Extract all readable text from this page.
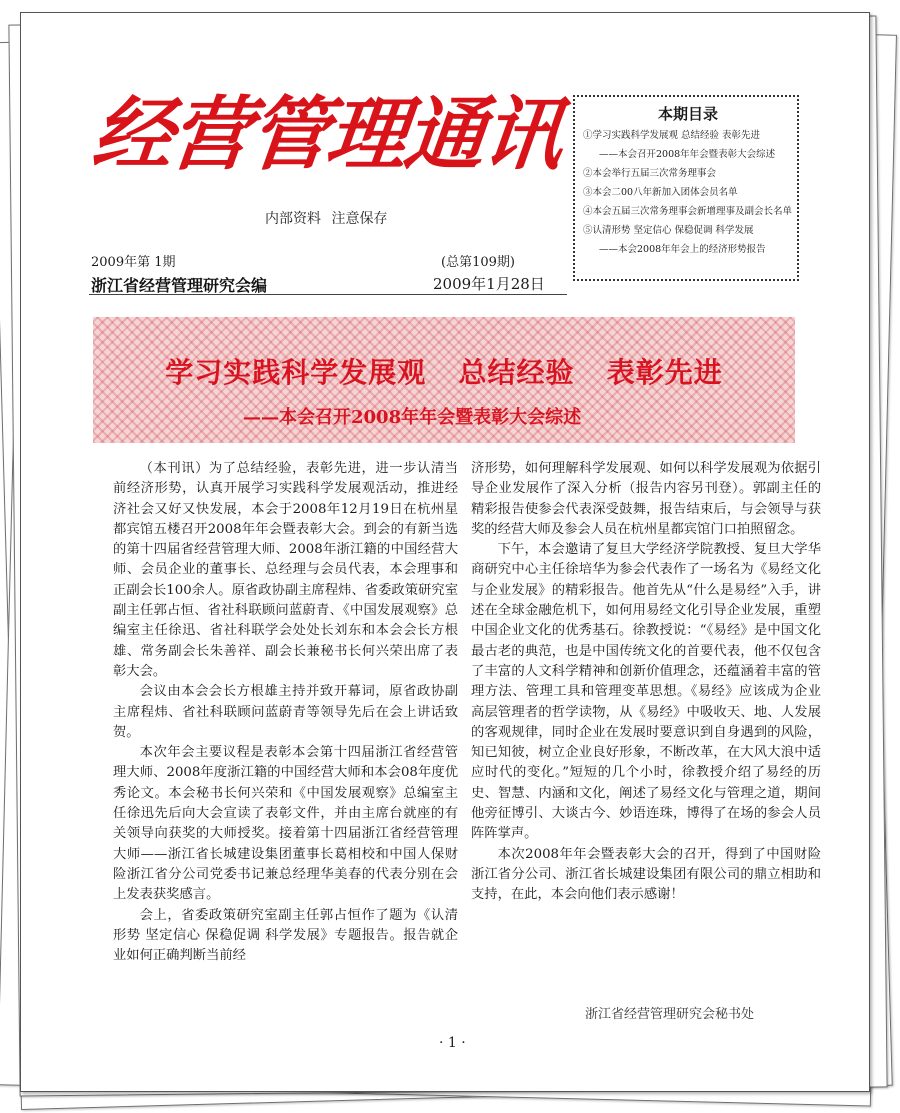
经营管理通讯
内部资料 注意保存
2009年第 1期	(总第109期)
浙江省经营管理研究会编	2009年1月28日
本期目录
①学习实践科学发展观 总结经验 表彰先进
——本会召开2008年年会暨表彰大会综述
②本会举行五届三次常务理事会
③本会二00八年新加入团体会员名单
④本会五届三次常务理事会新增理事及副会长名单
⑤认清形势 坚定信心 保稳促调 科学发展
——本会2008年年会上的经济形势报告
学习实践科学发展观   总结经验   表彰先进
——本会召开2008年年会暨表彰大会综述

（本刊讯）为了总结经验，表彰先进，进一步认清当前经济形势，认真开展学习实践科学发展观活动，推进经济社会又好又快发展，本会于2008年12月19日在杭州星都宾馆五楼召开2008年年会暨表彰大会。到会的有新当选的第十四届省经营管理大师、2008年浙江籍的中国经营大师、会员企业的董事长、总经理与会员代表，本会理事和正副会长100余人。原省政协副主席程炜、省委政策研究室副主任郭占恒、省社科联顾问蓝蔚青、《中国发展观察》总编室主任徐迅、省社科联学会处处长刘东和本会会长方根雄、常务副会长朱善祥、副会长兼秘书长何兴荣出席了表彰大会。

会议由本会会长方根雄主持并致开幕词，原省政协副主席程炜、省社科联顾问蓝蔚青等领导先后在会上讲话致贺。

本次年会主要议程是表彰本会第十四届浙江省经营管理大师、2008年度浙江籍的中国经营大师和本会08年度优秀论文。本会秘书长何兴荣和《中国发展观察》总编室主任徐迅先后向大会宣读了表彰文件，并由主席台就座的有关领导向获奖的大师授奖。接着第十四届浙江省经营管理大师——浙江省长城建设集团董事长葛相校和中国人保财险浙江省分公司党委书记兼总经理华美春的代表分别在会上发表获奖感言。

会上，省委政策研究室副主任郭占恒作了题为《认清形势 坚定信心 保稳促调 科学发展》专题报告。报告就企业如何正确判断当前经

济形势，如何理解科学发展观、如何以科学发展观为依据引导企业发展作了深入分析（报告内容另刊登）。郭副主任的精彩报告使参会代表深受鼓舞，报告结束后，与会领导与获奖的经营大师及参会人员在杭州星都宾馆门口拍照留念。

下午，本会邀请了复旦大学经济学院教授、复旦大学华商研究中心主任徐培华为参会代表作了一场名为《易经文化与企业发展》的精彩报告。他首先从“什么是易经”入手，讲述在全球金融危机下，如何用易经文化引导企业发展，重塑中国企业文化的优秀基石。徐教授说：“《易经》是中国文化最古老的典范，也是中国传统文化的首要代表，他不仅包含了丰富的人文科学精神和创新价值理念，还蕴涵着丰富的管理方法、管理工具和管理变革思想。《易经》应该成为企业高层管理者的哲学读物，从《易经》中吸收天、地、人发展的客观规律，同时企业在发展时要意识到自身遇到的风险，知已知彼，树立企业良好形象，不断改革，在大风大浪中适应时代的变化。”短短的几个小时，徐教授介绍了易经的历史、智慧、内涵和文化，阐述了易经文化与管理之道，期间他旁征博引、大谈古今、妙语连珠，博得了在场的参会人员阵阵掌声。

本次2008年年会暨表彰大会的召开，得到了中国财险浙江省分公司、浙江省长城建设集团有限公司的鼎立相助和支持，在此，本会向他们表示感谢！

浙江省经营管理研究会秘书处
· 1 ·
